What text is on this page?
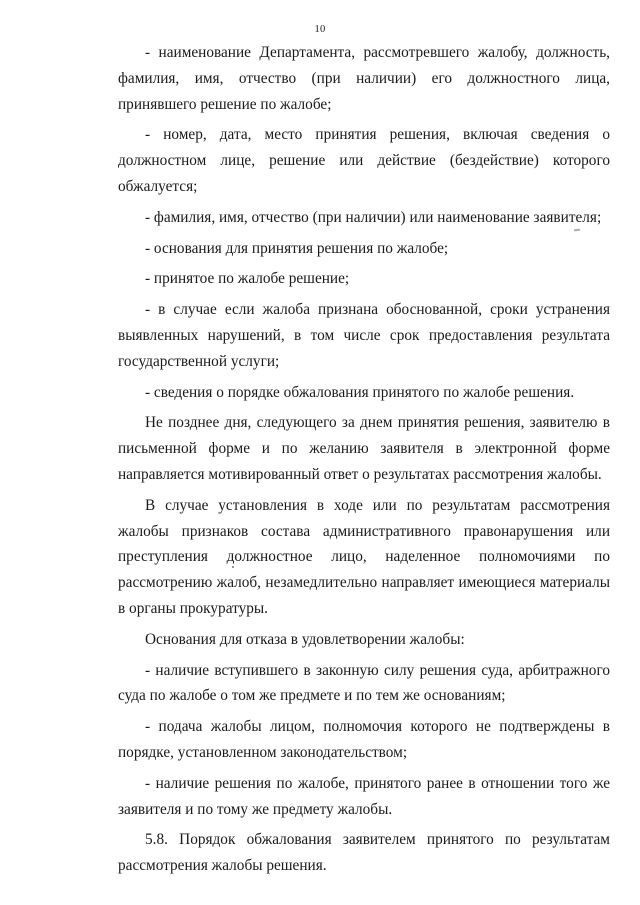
10

- наименование Департамента, рассмотревшего жалобу, должность, фамилия, имя, отчество (при наличии) его должностного лица, принявшего решение по жалобе;

- номер, дата, место принятия решения, включая сведения о должностном лице, решение или действие (бездействие) которого обжалуется;

- фамилия, имя, отчество (при наличии) или наименование заявителя;

- основания для принятия решения по жалобе;

- принятое по жалобе решение;

- в случае если жалоба признана обоснованной, сроки устранения выявленных нарушений, в том числе срок предоставления результата государственной услуги;

- сведения о порядке обжалования принятого по жалобе решения.

Не позднее дня, следующего за днем принятия решения, заявителю в письменной форме и по желанию заявителя в электронной форме направляется мотивированный ответ о результатах рассмотрения жалобы.

В случае установления в ходе или по результатам рассмотрения жалобы признаков состава административного правонарушения или преступления должностное лицо, наделенное полномочиями по рассмотрению жалоб, незамедлительно направляет имеющиеся материалы в органы прокуратуры.

Основания для отказа в удовлетворении жалобы:

- наличие вступившего в законную силу решения суда, арбитражного суда по жалобе о том же предмете и по тем же основаниям;

- подача жалобы лицом, полномочия которого не подтверждены в порядке, установленном законодательством;

- наличие решения по жалобе, принятого ранее в отношении того же заявителя и по тому же предмету жалобы.

5.8. Порядок обжалования заявителем принятого по результатам рассмотрения жалобы решения.
